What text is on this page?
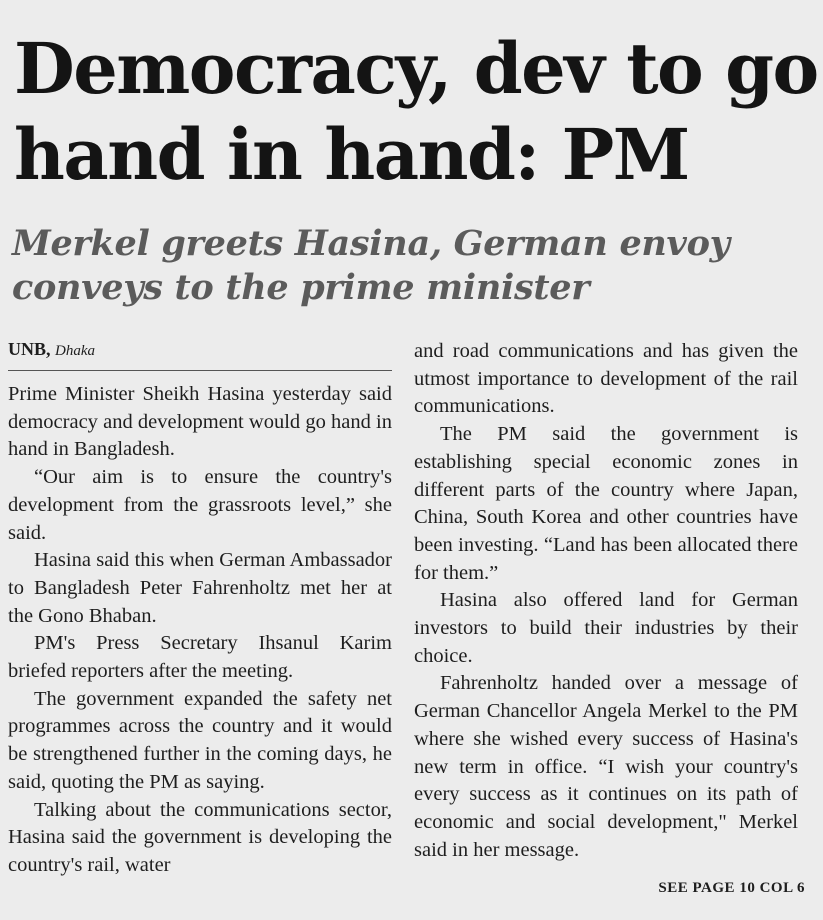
Democracy, dev to go
hand in hand: PM
Merkel greets Hasina, German envoy
conveys to the prime minister
UNB, Dhaka

Prime Minister Sheikh Hasina yesterday said democracy and development would go hand in hand in Bangladesh.

“Our aim is to ensure the country's development from the grassroots level,” she said.

Hasina said this when German Ambassador to Bangladesh Peter Fahrenholtz met her at the Gono Bhaban.

PM's Press Secretary Ihsanul Karim briefed reporters after the meeting.

The government expanded the safety net programmes across the country and it would be strengthened further in the coming days, he said, quoting the PM as saying.

Talking about the communications sector, Hasina said the government is developing the country's rail, water

and road communications and has given the utmost importance to development of the rail communications.

The PM said the government is establishing special economic zones in different parts of the country where Japan, China, South Korea and other countries have been investing. “Land has been allocated there for them.”

Hasina also offered land for German investors to build their industries by their choice.

Fahrenholtz handed over a message of German Chancellor Angela Merkel to the PM where she wished every success of Hasina's new term in office. “I wish your country's every success as it continues on its path of economic and social development," Merkel said in her message.

SEE PAGE 10 COL 6
